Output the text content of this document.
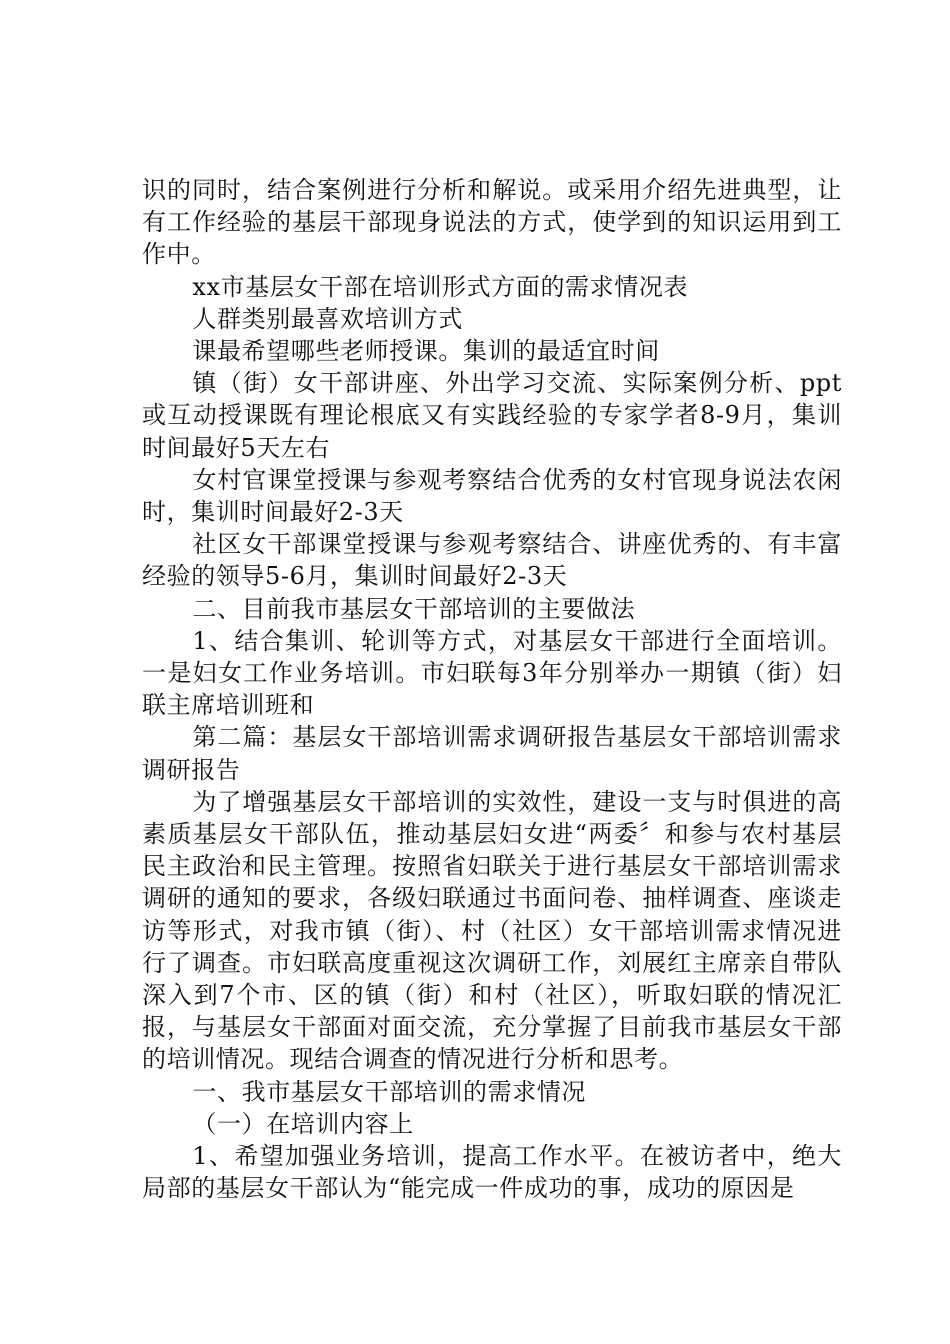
识的同时，结合案例进行分析和解说。或采用介绍先进典型，让有工作经验的基层干部现身说法的方式，使学到的知识运用到工作中。

xx市基层女干部在培训形式方面的需求情况表

人群类别最喜欢培训方式

课最希望哪些老师授课。集训的最适宜时间

镇（街）女干部讲座、外出学习交流、实际案例分析、ppt或互动授课既有理论根底又有实践经验的专家学者8-9月，集训时间最好5天左右

女村官课堂授课与参观考察结合优秀的女村官现身说法农闲时，集训时间最好2-3天

社区女干部课堂授课与参观考察结合、讲座优秀的、有丰富经验的领导5-6月，集训时间最好2-3天

二、目前我市基层女干部培训的主要做法

1、结合集训、轮训等方式，对基层女干部进行全面培训。一是妇女工作业务培训。市妇联每3年分别举办一期镇（街）妇联主席培训班和

第二篇：基层女干部培训需求调研报告基层女干部培训需求调研报告

为了增强基层女干部培训的实效性，建设一支与时俱进的高素质基层女干部队伍，推动基层妇女进“两委〞和参与农村基层民主政治和民主管理。按照省妇联关于进行基层女干部培训需求调研的通知的要求，各级妇联通过书面问卷、抽样调查、座谈走访等形式，对我市镇（街）、村（社区）女干部培训需求情况进行了调查。市妇联高度重视这次调研工作，刘展红主席亲自带队深入到7个市、区的镇（街）和村（社区），听取妇联的情况汇报，与基层女干部面对面交流，充分掌握了目前我市基层女干部的培训情况。现结合调查的情况进行分析和思考。

一、我市基层女干部培训的需求情况

（一）在培训内容上

1、希望加强业务培训，提高工作水平。在被访者中，绝大局部的基层女干部认为“能完成一件成功的事，成功的原因是
